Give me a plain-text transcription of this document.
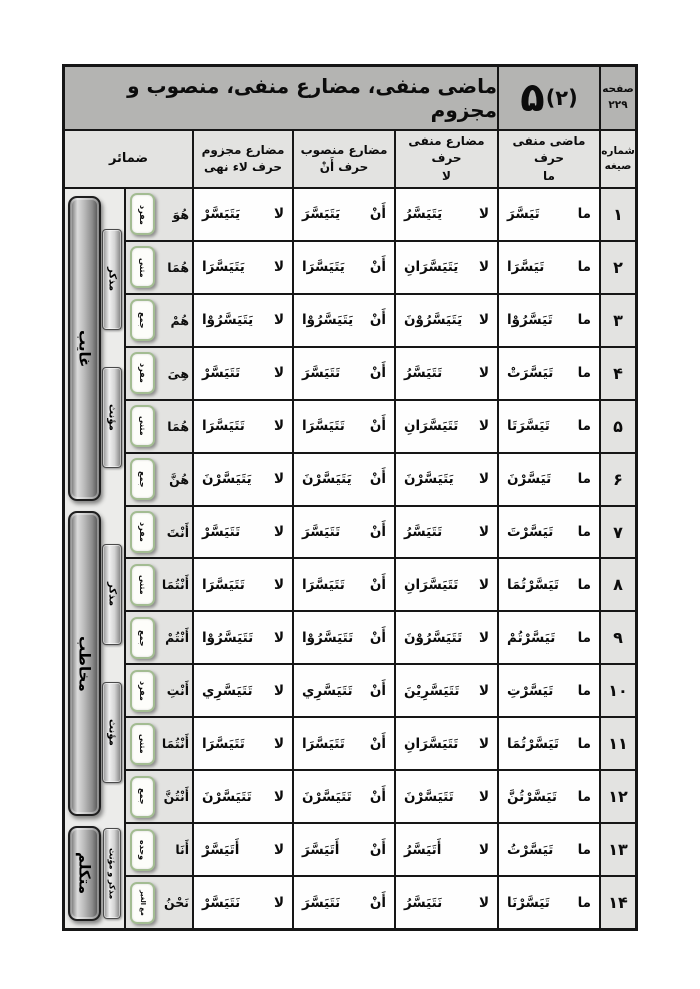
صفحه
۲۲۹
۵ (۲)
ماضی منفی، مضارع منفی، منصوب و مجزوم
شماره
صیغه
ماضی منفی حرف
ما
مضارع منفی حرف
لا
مضارع منصوب
حرف أَنْ
مضارع مجزوم
حرف لاء نهی
ضمائر
غایب
مذکر
مؤنث
مخاطب
مذکر
مؤنث
متکلم مذکر و مؤنث
۱
ما
تَيَسَّرَ
لا
يَتَيَسَّرُ
أَنْ
يَتَيَسَّرَ
لا
يَتَيَسَّرْ
هُوَ
مفرد
۲
ما
تَيَسَّرَا
لا
يَتَيَسَّرَانِ
أَنْ
يَتَيَسَّرَا
لا
يَتَيَسَّرَا
هُمَا
مثنی
۳
ما
تَيَسَّرُوْا
لا
يَتَيَسَّرُوْنَ
أَنْ
يَتَيَسَّرُوْا
لا
يَتَيَسَّرُوْا
هُمْ
جمع
۴
ما
تَيَسَّرَتْ
لا
تَتَيَسَّرُ
أَنْ
تَتَيَسَّرَ
لا
تَتَيَسَّرْ
هِیَ
مفرد
۵
ما
تَيَسَّرَتَا
لا
تَتَيَسَّرَانِ
أَنْ
تَتَيَسَّرَا
لا
تَتَيَسَّرَا
هُمَا
مثنی
۶
ما
تَيَسَّرْنَ
لا
يَتَيَسَّرْنَ
أَنْ
يَتَيَسَّرْنَ
لا
يَتَيَسَّرْنَ
هُنَّ
جمع
۷
ما
تَيَسَّرْتَ
لا
تَتَيَسَّرُ
أَنْ
تَتَيَسَّرَ
لا
تَتَيَسَّرْ
أَنْتَ
مفرد
۸
ما
تَيَسَّرْتُمَا
لا
تَتَيَسَّرَانِ
أَنْ
تَتَيَسَّرَا
لا
تَتَيَسَّرَا
أَنْتُمَا
مثنی
۹
ما
تَيَسَّرْتُمْ
لا
تَتَيَسَّرُوْنَ
أَنْ
تَتَيَسَّرُوْا
لا
تَتَيَسَّرُوْا
أَنْتُمْ
جمع
۱۰
ما
تَيَسَّرْتِ
لا
تَتَيَسَّرِيْنَ
أَنْ
تَتَيَسَّرِي
لا
تَتَيَسَّرِي
أَنْتِ
مفرد
۱۱
ما
تَيَسَّرْتُمَا
لا
تَتَيَسَّرَانِ
أَنْ
تَتَيَسَّرَا
لا
تَتَيَسَّرَا
أَنْتُمَا
مثنی
۱۲
ما
تَيَسَّرْتُنَّ
لا
تَتَيَسَّرْنَ
أَنْ
تَتَيَسَّرْنَ
لا
تَتَيَسَّرْنَ
أَنْتُنَّ
جمع
۱۳
ما
تَيَسَّرْتُ
لا
أَتَيَسَّرُ
أَنْ
أَتَيَسَّرَ
لا
أَتَيَسَّرْ
أَنَا
وحده
۱۴
ما
تَيَسَّرْنَا
لا
نَتَيَسَّرُ
أَنْ
نَتَيَسَّرَ
لا
نَتَيَسَّرْ
نَحْنُ
مع الغیر
